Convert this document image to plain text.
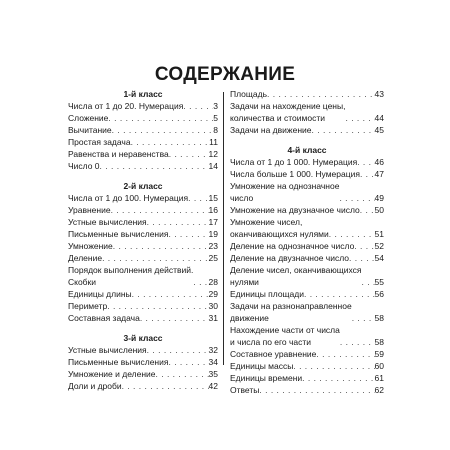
СОДЕРЖАНИЕ
1-й класс
Числа от 1 до 20. Нумерация . . .	3
Сложение . . .	5
Вычитание . . .	8
Простая задача . . .	11
Равенства и неравенства . . .	12
Число 0 . . .	14
2-й класс
Числа от 1 до 100. Нумерация . . . 15
Уравнение . . .	16
Устные вычисления . . .	17
Письменные вычисления . . .	19
Умножение . . .	23
Деление . . .	25
Порядок выполнения действий.
Скобки . . .	28
Единицы длины . . .	29
Периметр . . .	30
Составная задача . . .	31
3-й класс
Устные вычисления . . .	32
Письменные вычисления . . .	34
Умножение и деление . . .	35
Доли и дроби . . .	42
Площадь . . .	43
Задачи на нахождение цены,
количества и стоимости . . .	44
Задачи на движение . . .	45
4-й класс
Числа от 1 до 1 000. Нумерация . . . 46
Числа больше 1 000. Нумерация . . . 47
Умножение на однозначное
число . . .	49
Умножение на двузначное число . . . 50
Умножение чисел,
оканчивающихся нулями . . .	51
Деление на однозначное число . . . 52
Деление на двузначное число . . .	54
Деление чисел, оканчивающихся
нулями . . .	55
Единицы площади . . .	56
Задачи на разнонаправленное
движение . . .	58
Нахождение части от числа
и числа по его части . . .	58
Составное уравнение . . .	59
Единицы массы . . .	60
Единицы времени . . .	61
Ответы . . .	62
